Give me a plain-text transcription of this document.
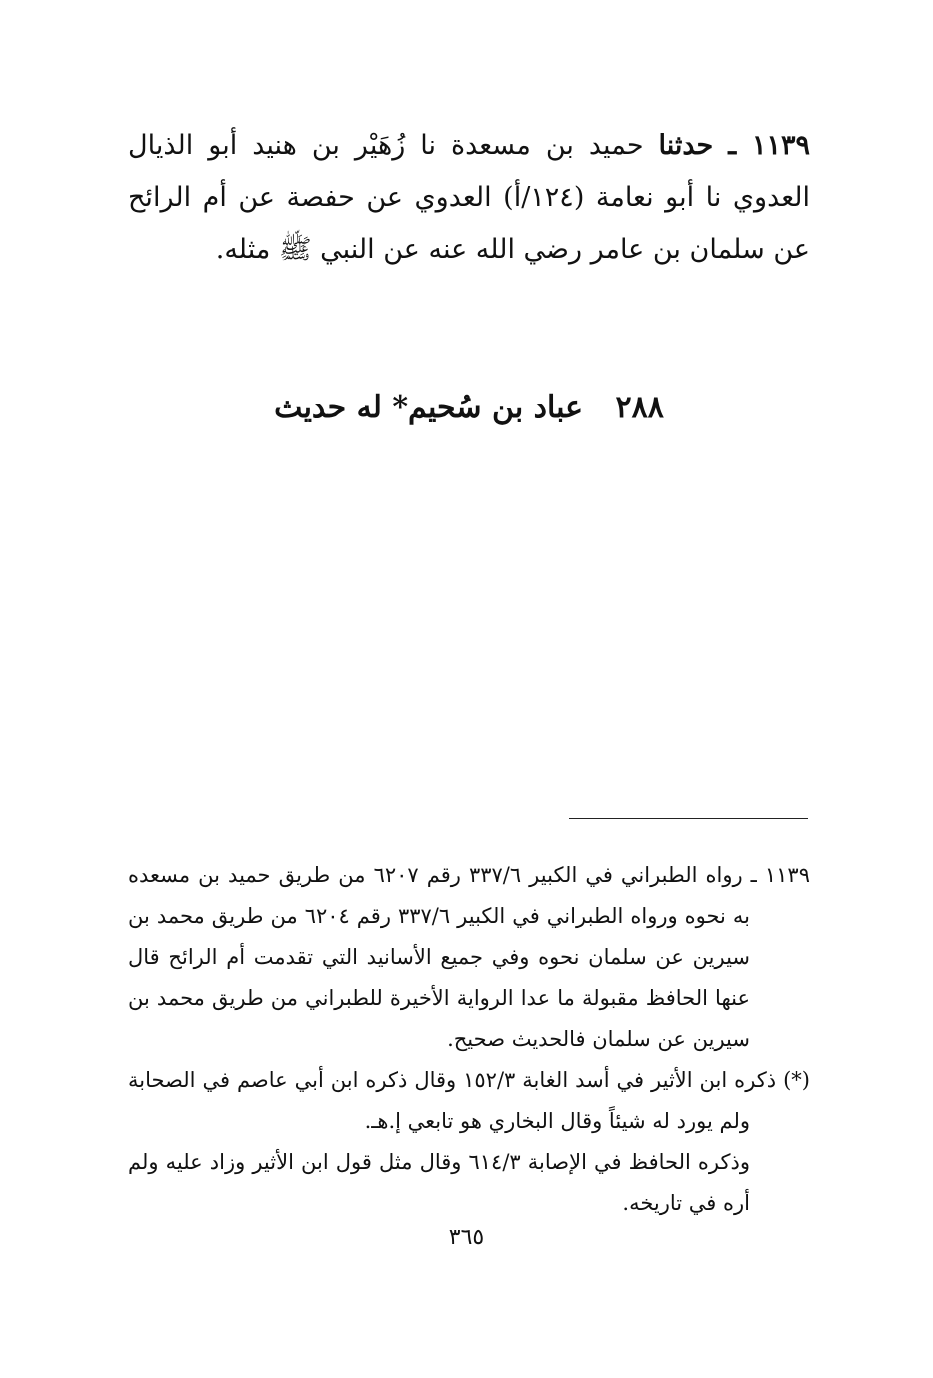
١١٣٩ ـ حدثنا حميد بن مسعدة نا زُهَيْر بن هنيد أبو الذيال العدوي نا أبو نعامة (١٢٤/أ) العدوي عن حفصة عن أم الرائح عن سلمان بن عامر رضي الله عنه عن النبي ﷺ مثله.
٢٨٨ عباد بن سُحيم* له حديث
١١٣٩ ـ رواه الطبراني في الكبير ٣٣٧/٦ رقم ٦٢٠٧ من طريق حميد بن مسعده به نحوه ورواه الطبراني في الكبير ٣٣٧/٦ رقم ٦٢٠٤ من طريق محمد بن سيرين عن سلمان نحوه وفي جميع الأسانيد التي تقدمت أم الرائح قال عنها الحافظ مقبولة ما عدا الرواية الأخيرة للطبراني من طريق محمد بن سيرين عن سلمان فالحديث صحيح.
(*) ذكره ابن الأثير في أسد الغابة ١٥٢/٣ وقال ذكره ابن أبي عاصم في الصحابة ولم يورد له شيئاً وقال البخاري هو تابعي إ.هـ.
وذكره الحافظ في الإصابة ٦١٤/٣ وقال مثل قول ابن الأثير وزاد عليه ولم أره في تاريخه.
٣٦٥
